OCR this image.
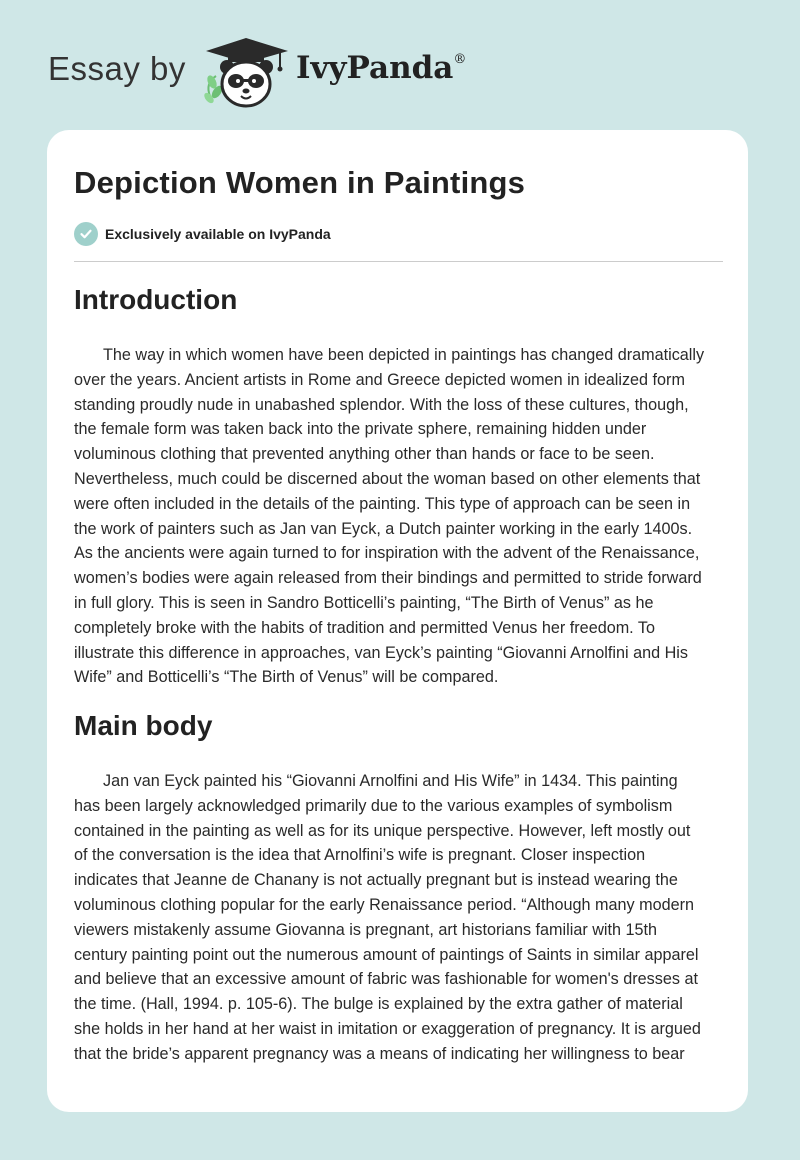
Essay by	IvyPanda®
Depiction Women in Paintings
Exclusively available on IvyPanda
Introduction
The way in which women have been depicted in paintings has changed dramatically
over the years. Ancient artists in Rome and Greece depicted women in idealized form
standing proudly nude in unabashed splendor. With the loss of these cultures, though,
the female form was taken back into the private sphere, remaining hidden under
voluminous clothing that prevented anything other than hands or face to be seen.
Nevertheless, much could be discerned about the woman based on other elements that
were often included in the details of the painting. This type of approach can be seen in
the work of painters such as Jan van Eyck, a Dutch painter working in the early 1400s.
As the ancients were again turned to for inspiration with the advent of the Renaissance,
women’s bodies were again released from their bindings and permitted to stride forward
in full glory. This is seen in Sandro Botticelli’s painting, “The Birth of Venus” as he
completely broke with the habits of tradition and permitted Venus her freedom. To
illustrate this difference in approaches, van Eyck’s painting “Giovanni Arnolfini and His
Wife” and Botticelli’s “The Birth of Venus” will be compared.
Main body
Jan van Eyck painted his “Giovanni Arnolfini and His Wife” in 1434. This painting
has been largely acknowledged primarily due to the various examples of symbolism
contained in the painting as well as for its unique perspective. However, left mostly out
of the conversation is the idea that Arnolfini’s wife is pregnant. Closer inspection
indicates that Jeanne de Chanany is not actually pregnant but is instead wearing the
voluminous clothing popular for the early Renaissance period. “Although many modern
viewers mistakenly assume Giovanna is pregnant, art historians familiar with 15th
century painting point out the numerous amount of paintings of Saints in similar apparel
and believe that an excessive amount of fabric was fashionable for women's dresses at
the time. (Hall, 1994. p. 105-6). The bulge is explained by the extra gather of material
she holds in her hand at her waist in imitation or exaggeration of pregnancy. It is argued
that the bride’s apparent pregnancy was a means of indicating her willingness to bear
